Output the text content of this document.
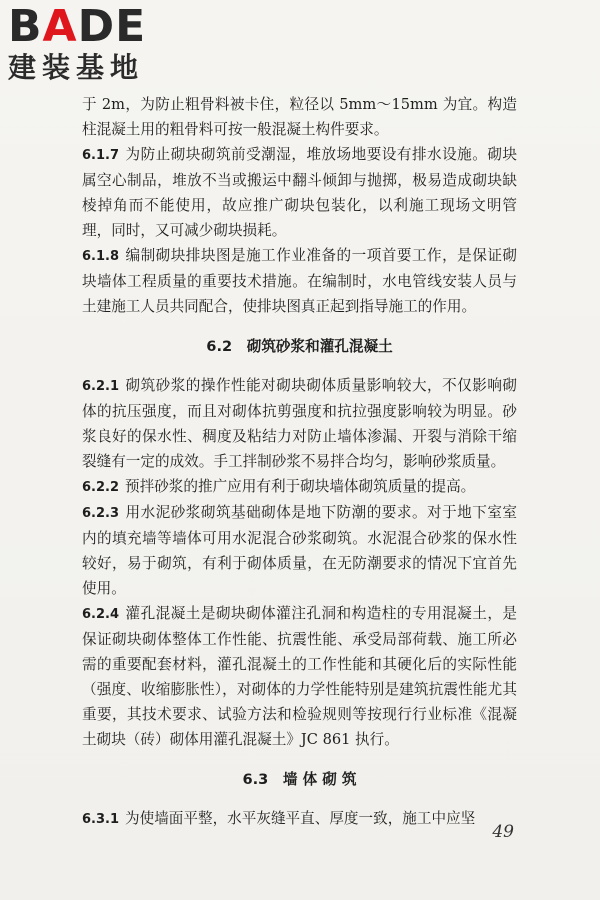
BADE
建装基地

于 2m，为防止粗骨料被卡住，粒径以 5mm～15mm 为宜。构造柱混凝土用的粗骨料可按一般混凝土构件要求。

6.1.7 为防止砌块砌筑前受潮湿，堆放场地要设有排水设施。砌块属空心制品，堆放不当或搬运中翻斗倾卸与抛掷，极易造成砌块缺棱掉角而不能使用，故应推广砌块包装化，以利施工现场文明管理，同时，又可减少砌块损耗。

6.1.8 编制砌块排块图是施工作业准备的一项首要工作，是保证砌块墙体工程质量的重要技术措施。在编制时，水电管线安装人员与土建施工人员共同配合，使排块图真正起到指导施工的作用。

6.2　砌筑砂浆和灌孔混凝土

6.2.1 砌筑砂浆的操作性能对砌块砌体质量影响较大，不仅影响砌体的抗压强度，而且对砌体抗剪强度和抗拉强度影响较为明显。砂浆良好的保水性、稠度及粘结力对防止墙体渗漏、开裂与消除干缩裂缝有一定的成效。手工拌制砂浆不易拌合均匀，影响砂浆质量。

6.2.2 预拌砂浆的推广应用有利于砌块墙体砌筑质量的提高。

6.2.3 用水泥砂浆砌筑基础砌体是地下防潮的要求。对于地下室室内的填充墙等墙体可用水泥混合砂浆砌筑。水泥混合砂浆的保水性较好，易于砌筑，有利于砌体质量，在无防潮要求的情况下宜首先使用。

6.2.4 灌孔混凝土是砌块砌体灌注孔洞和构造柱的专用混凝土，是保证砌块砌体整体工作性能、抗震性能、承受局部荷载、施工所必需的重要配套材料，灌孔混凝土的工作性能和其硬化后的实际性能（强度、收缩膨胀性），对砌体的力学性能特别是建筑抗震性能尤其重要，其技术要求、试验方法和检验规则等按现行行业标准《混凝土砌块（砖）砌体用灌孔混凝土》JC 861 执行。

6.3　墙 体 砌 筑

6.3.1 为使墙面平整，水平灰缝平直、厚度一致，施工中应坚

49
